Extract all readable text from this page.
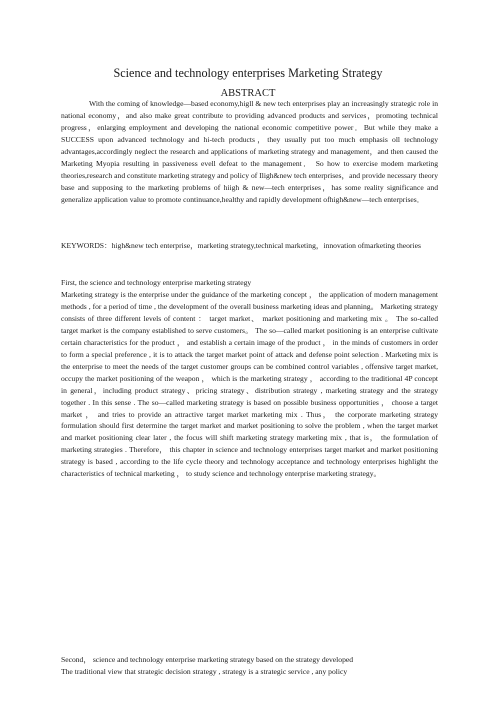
Science and technology enterprises Marketing Strategy
ABSTRACT

With the coming of knowledge—based economy,higll & new tech enterprises play an increasingly strategic role in national economy，and also make great contribute to providing advanced products and services，promoting technical progress，enlarging employment and developing the national economic competitive power．But while they make a SUCCESS upon advanced technology and hi-tech products，they usually put too much emphasis oll technology advantages,accordingly neglect the research and applications of marketing strategy and management，and then caused the Marketing Myopia resulting in passiveness evell defeat to the management． So how to exercise modem marketing theories,research and constitute marketing strategy and policy of Iligh&new tech enterprises，and provide necessary theory base and supposing to the marketing problems of hiigh & new—tech enterprises，has some reality significance and generalize application value to promote continuance,healthy and rapidly development ofhigh&new—tech enterprises．

KEYWORDS：high&new tech enterprise，marketing strategy,technical marketing，innovation ofmarketing theories

First, the science and technology enterprise marketing strategy

Marketing strategy is the enterprise under the guidance of the marketing concept ， the application of modern management methods , for a period of time , the development of the overall business marketing ideas and planning。 Marketing strategy consists of three different levels of content ： target market、 market positioning and marketing mix 。 The so-called target market is the company established to serve customers。 The so—called market positioning is an enterprise cultivate certain characteristics for the product ， and establish a certain image of the product ， in the minds of customers in order to form a special preference , it is to attack the target market point of attack and defense point selection . Marketing mix is the enterprise to meet the needs of the target customer groups can be combined control variables , offensive target market, occupy the market positioning of the weapon ， which is the marketing strategy ， according to the traditional 4P concept in general，including product strategy、pricing strategy、distribution strategy , marketing strategy and the strategy together . In this sense . The so—called marketing strategy is based on possible business opportunities ， choose a target market ， and tries to provide an attractive target market marketing mix . Thus， the corporate marketing strategy formulation should first determine the target market and market positioning to solve the problem , when the target market and market positioning clear later , the focus will shift marketing strategy marketing mix , that is， the formulation of marketing strategies . Therefore， this chapter in science and technology enterprises target market and market positioning strategy is based , according to the life cycle theory and technology acceptance and technology enterprises highlight the characteristics of technical marketing ， to study science and technology enterprise marketing strategy。

Second， science and technology enterprise marketing strategy based on the strategy developed

The traditional view that strategic decision strategy , strategy is a strategic service , any policy
